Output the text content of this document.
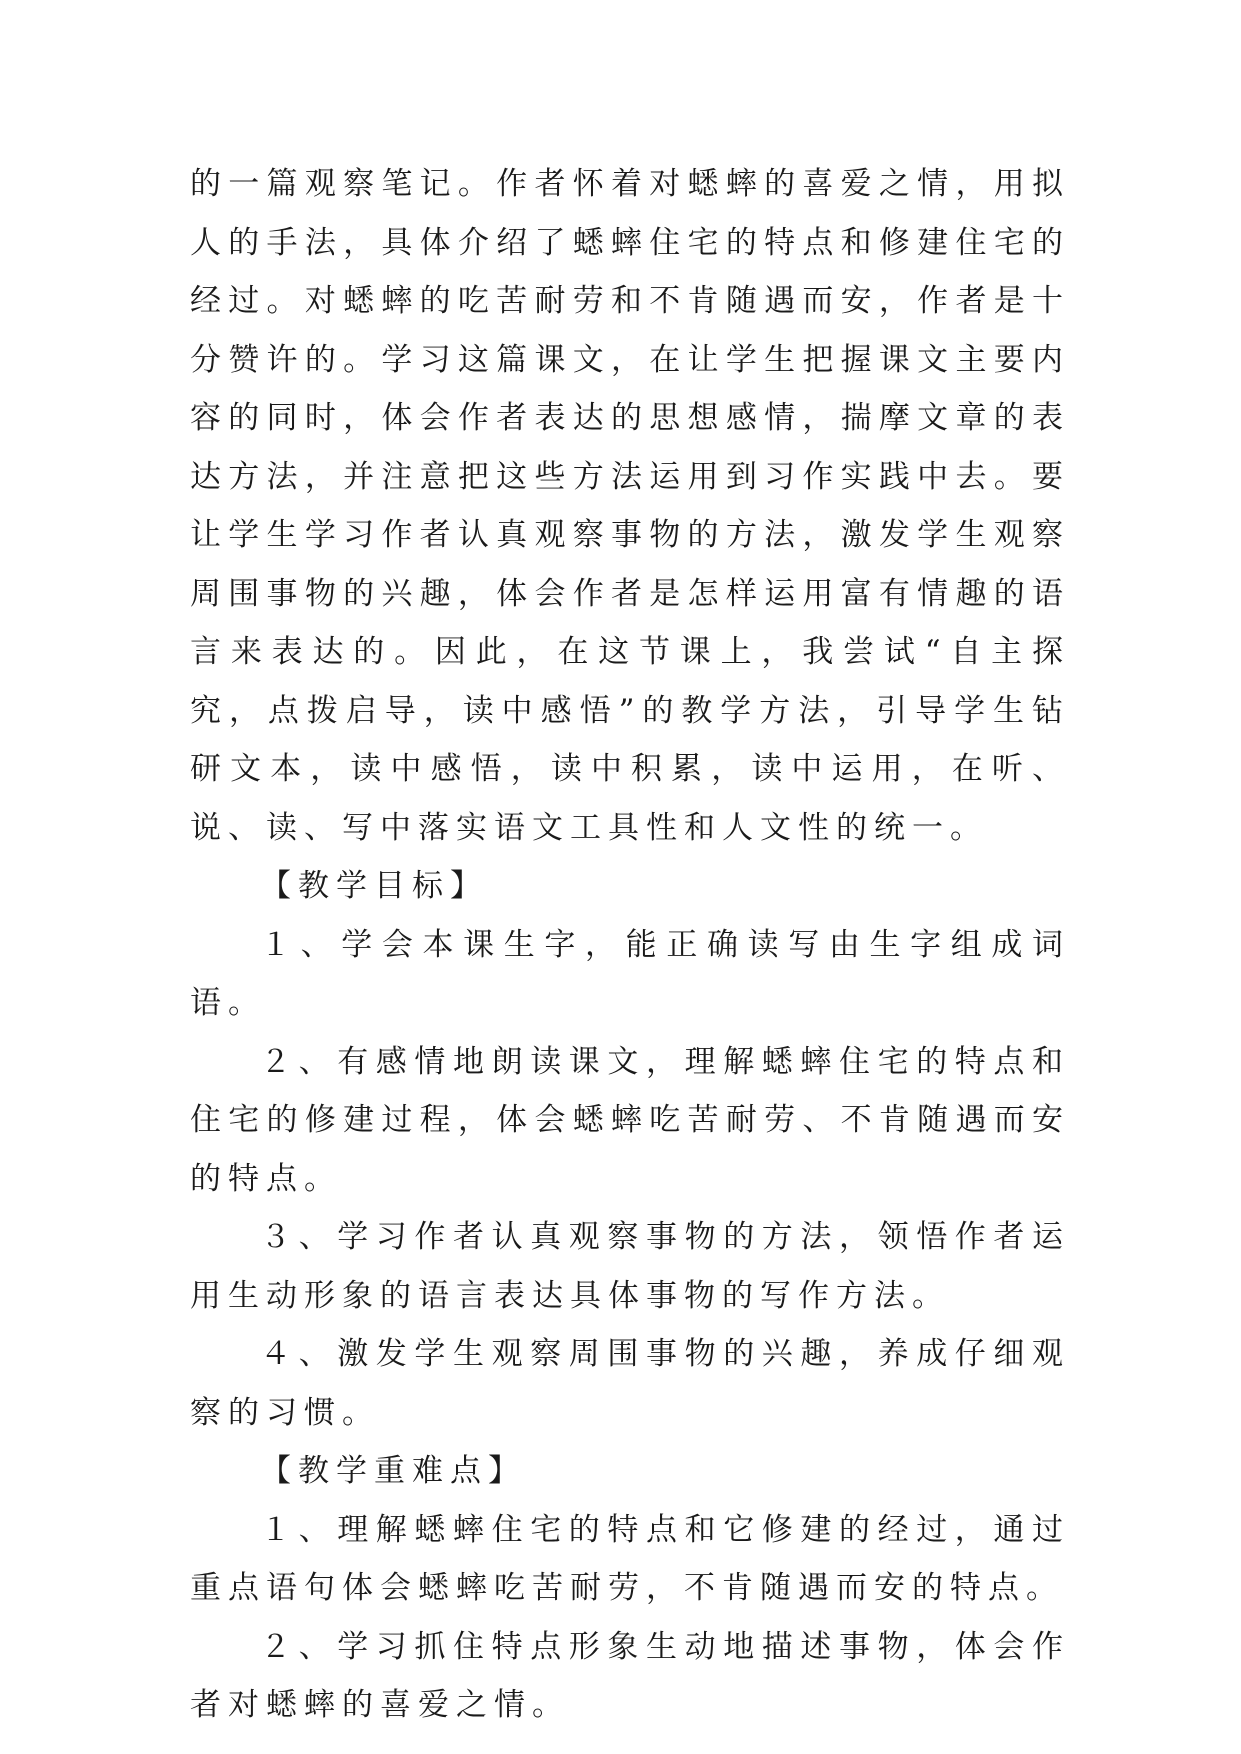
的一篇观察笔记。作者怀着对蟋蟀的喜爱之情，用拟人的手法，具体介绍了蟋蟀住宅的特点和修建住宅的经过。对蟋蟀的吃苦耐劳和不肯随遇而安，作者是十分赞许的。学习这篇课文，在让学生把握课文主要内容的同时，体会作者表达的思想感情，揣摩文章的表达方法，并注意把这些方法运用到习作实践中去。要让学生学习作者认真观察事物的方法，激发学生观察周围事物的兴趣，体会作者是怎样运用富有情趣的语言来表达的。因此，在这节课上，我尝试“自主探究，点拨启导，读中感悟”的教学方法，引导学生钻研文本，读中感悟，读中积累，读中运用，在听、说、读、写中落实语文工具性和人文性的统一。

【教学目标】

１、学会本课生字，能正确读写由生字组成词语。

２、有感情地朗读课文，理解蟋蟀住宅的特点和住宅的修建过程，体会蟋蟀吃苦耐劳、不肯随遇而安的特点。

３、学习作者认真观察事物的方法，领悟作者运用生动形象的语言表达具体事物的写作方法。

４、激发学生观察周围事物的兴趣，养成仔细观察的习惯。

【教学重难点】

１、理解蟋蟀住宅的特点和它修建的经过，通过重点语句体会蟋蟀吃苦耐劳，不肯随遇而安的特点。

２、学习抓住特点形象生动地描述事物，体会作者对蟋蟀的喜爱之情。
